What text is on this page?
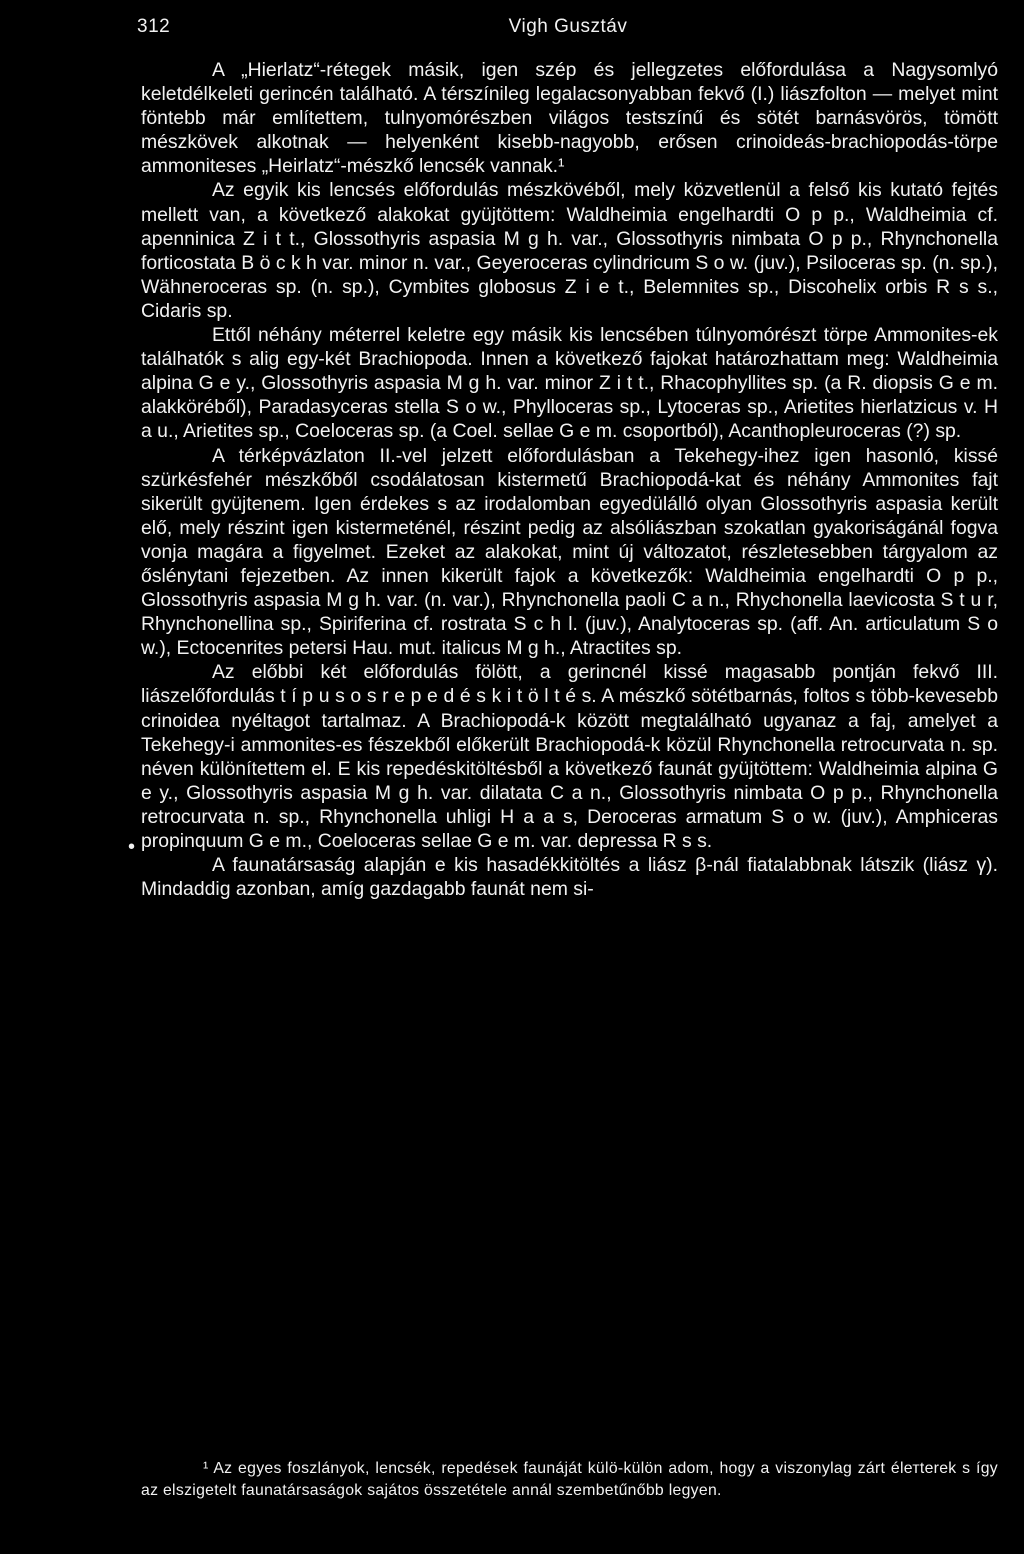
312	Vigh Gusztáv

A „Hierlatz“-rétegek másik, igen szép és jellegzetes előfordulása a Nagysomlyó keletdélkeleti gerincén található. A térszínileg legalacsonyabban fekvő (I.) liászfolton — melyet mint föntebb már említettem, tulnyomórészben világos testszínű és sötét barnásvörös, tömött mészkövek alkotnak — helyenként kisebb-nagyobb, erősen crinoideás-brachiopodás-törpe ammoniteses „Heirlatz“-mészkő lencsék vannak.¹

Az egyik kis lencsés előfordulás mészkövéből, mely közvetlenül a felső kis kutató fejtés mellett van, a következő alakokat gyüjtöttem: Waldheimia engelhardti O p p., Waldheimia cf. apenninica Z i t t., Glossothyris aspasia M g h. var., Glossothyris nimbata O p p., Rhynchonella forticostata B ö c k h var. minor n. var., Geyeroceras cylindricum S o w. (juv.), Psiloceras sp. (n. sp.), Wähneroceras sp. (n. sp.), Cymbites globosus Z i e t., Belemnites sp., Discohelix orbis R s s., Cidaris sp.

Ettől néhány méterrel keletre egy másik kis lencsében túlnyomórészt törpe Ammonites-ek találhatók s alig egy-két Brachiopoda. Innen a következő fajokat határozhattam meg: Waldheimia alpina G e y., Glossothyris aspasia M g h. var. minor Z i t t., Rhacophyllites sp. (a R. diopsis G e m. alakköréből), Paradasyceras stella S o w., Phylloceras sp., Lytoceras sp., Arietites hierlatzicus v. H a u., Arietites sp., Coeloceras sp. (a Coel. sellae G e m. csoportból), Acanthopleuroceras (?) sp.

A térképvázlaton II.-vel jelzett előfordulásban a Tekehegy-ihez igen hasonló, kissé szürkésfehér mészkőből csodálatosan kistermetű Brachiopodá-kat és néhány Ammonites fajt sikerült gyüjtenem. Igen érdekes s az irodalomban egyedülálló olyan Glossothyris aspasia került elő, mely részint igen kistermeténél, részint pedig az alsóliászban szokatlan gyakoriságánál fogva vonja magára a figyelmet. Ezeket az alakokat, mint új változatot, részletesebben tárgyalom az őslénytani fejezetben. Az innen kikerült fajok a következők: Waldheimia engelhardti O p p., Glossothyris aspasia M g h. var. (n. var.), Rhynchonella paoli C a n., Rhychonella laevicosta S t u r, Rhynchonellina sp., Spiriferina cf. rostrata S c h l. (juv.), Analytoceras sp. (aff. An. articulatum S o w.), Ectocenrites petersi Hau. mut. italicus M g h., Atractites sp.

Az előbbi két előfordulás fölött, a gerincnél kissé magasabb pontján fekvő III. liászelőfordulás t í p u s o s r e p e d é s k i t ö l t é s. A mészkő sötétbarnás, foltos s több-kevesebb crinoidea nyéltagot tartalmaz. A Brachiopodá-k között megtalálható ugyanaz a faj, amelyet a Tekehegy-i ammonites-es fészekből előkerült Brachiopodá-k közül Rhynchonella retrocurvata n. sp. néven különítettem el. E kis repedéskitöltésből a következő faunát gyüjtöttem: Waldheimia alpina G e y., Glossothyris aspasia M g h. var. dilatata C a n., Glossothyris nimbata O p p., Rhynchonella retrocurvata n. sp., Rhynchonella uhligi H a a s, Deroceras armatum S o w. (juv.), Amphiceras propinquum G e m., Coeloceras sellae G e m. var. depressa R s s.

A faunatársaság alapján e kis hasadékkitöltés a liász β-nál fiatalabbnak látszik (liász γ). Mindaddig azonban, amíg gazdagabb faunát nem si-

•

¹ Az egyes foszlányok, lencsék, repedések faunáját külö-külön adom, hogy a viszonylag zárt élетterek s így az elszigetelt faunatársaságok sajátos összetétele annál szembetűnőbb legyen.
